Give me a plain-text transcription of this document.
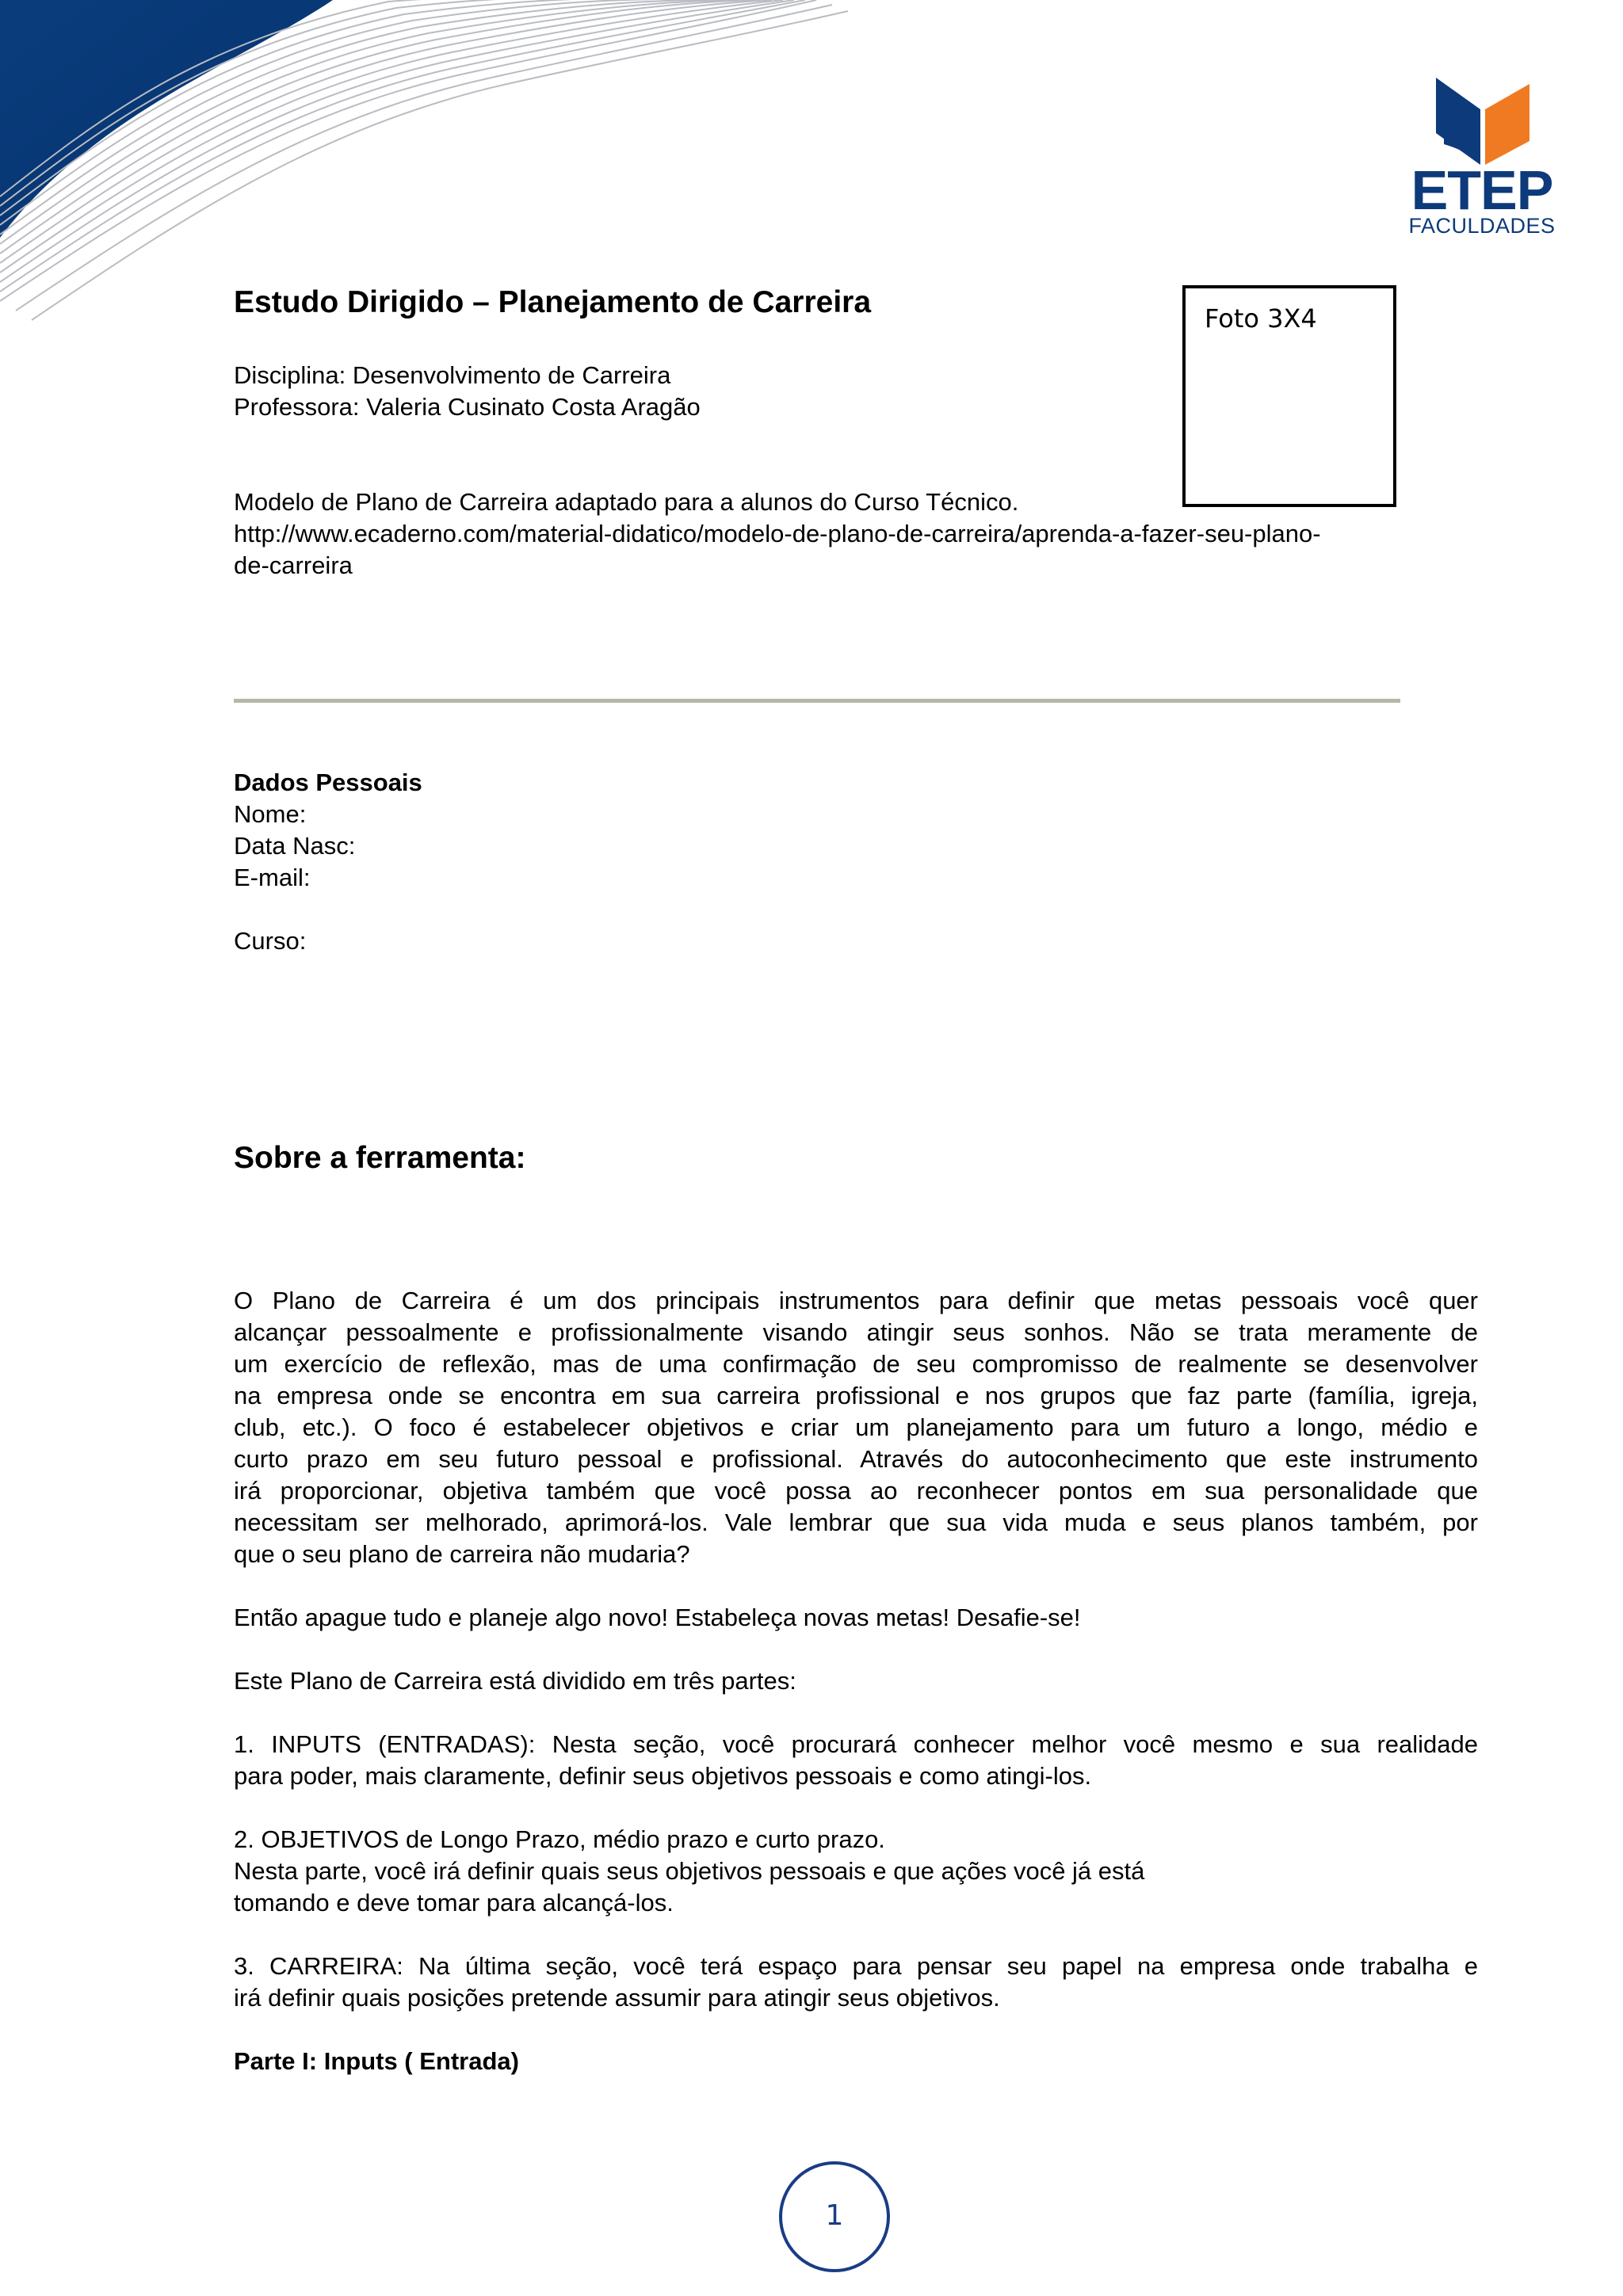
ETEP
FACULDADES
Estudo Dirigido – Planejamento de Carreira	Foto 3X4
Disciplina: Desenvolvimento de Carreira
Professora: Valeria Cusinato Costa Aragão
Modelo de Plano de Carreira adaptado para a alunos do Curso Técnico.
http://www.ecaderno.com/material-didatico/modelo-de-plano-de-carreira/aprenda-a-fazer-seu-plano-
de-carreira
Dados Pessoais
Nome:
Data Nasc:
E-mail:
Curso:
Sobre a ferramenta:
O Plano de Carreira é um dos principais instrumentos para definir que metas pessoais você quer
alcançar pessoalmente e profissionalmente visando atingir seus sonhos. Não se trata meramente de
um exercício de reflexão, mas de uma confirmação de seu compromisso de realmente se desenvolver
na empresa onde se encontra em sua carreira profissional e nos grupos que faz parte (família, igreja,
club, etc.). O foco é estabelecer objetivos e criar um planejamento para um futuro a longo, médio e
curto prazo em seu futuro pessoal e profissional. Através do autoconhecimento que este instrumento
irá proporcionar, objetiva também que você possa ao reconhecer pontos em sua personalidade que
necessitam ser melhorado, aprimorá-los. Vale lembrar que sua vida muda e seus planos também, por
que o seu plano de carreira não mudaria?
Então apague tudo e planeje algo novo! Estabeleça novas metas! Desafie-se!
Este Plano de Carreira está dividido em três partes:
1. INPUTS (ENTRADAS): Nesta seção, você procurará conhecer melhor você mesmo e sua realidade
para poder, mais claramente, definir seus objetivos pessoais e como atingi-los.
2. OBJETIVOS de Longo Prazo, médio prazo e curto prazo.
Nesta parte, você irá definir quais seus objetivos pessoais e que ações você já está
tomando e deve tomar para alcançá-los.
3. CARREIRA: Na última seção, você terá espaço para pensar seu papel na empresa onde trabalha e
irá definir quais posições pretende assumir para atingir seus objetivos.
Parte I: Inputs ( Entrada)
1
